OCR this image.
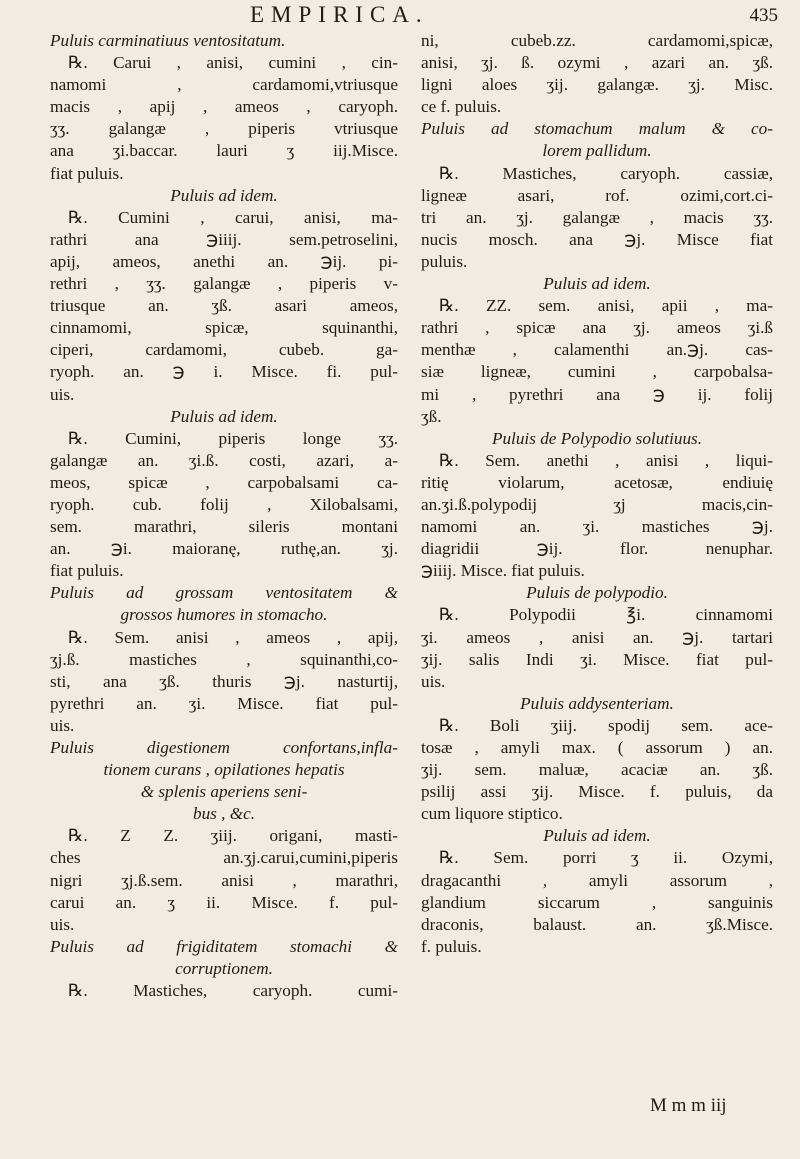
EMPIRICA.	435
Puluis carminatiuus ventositatum.
℞. Carui , anisi, cumini , cin-
namomi , cardamomi,vtriusque
macis , apij , ameos , caryoph.
ʒʒ. galangæ , piperis vtriusque
ana ʒi.baccar. lauri ʒ iij.Misce.
fiat puluis.
Puluis ad idem.
℞. Cumini , carui, anisi, ma-
rathri ana ℈iiij. sem.petroselini,
apij, ameos, anethi an. ℈ij. pi-
rethri , ʒʒ. galangæ , piperis v-
triusque an. ʒß. asari ameos,
cinnamomi, spicæ, squinanthi,
ciperi, cardamomi, cubeb. ga-
ryoph. an. ℈ i. Misce. fi. pul-
uis.
Puluis ad idem.
℞. Cumini, piperis longe ʒʒ.
galangæ an. ʒi.ß. costi, azari, a-
meos, spicæ , carpobalsami ca-
ryoph. cub. folij , Xilobalsami,
sem. marathri, sileris montani
an. ℈i. maioranę, ruthę,an. ʒj.
fiat puluis.
Puluis ad grossam ventositatem &
grossos humores in stomacho.
℞. Sem. anisi , ameos , apij,
ʒj.ß. mastiches , squinanthi,co-
sti, ana ʒß. thuris ℈j. nasturtij,
pyrethri an. ʒi. Misce. fiat pul-
uis.
Puluis digestionem confortans,infla-
tionem curans , opilationes hepatis
& splenis aperiens seni-
bus , &c.
℞. Z Z. ʒiij. origani, masti-
ches an.ʒj.carui,cumini,piperis
nigri ʒj.ß.sem. anisi , marathri,
carui an. ʒ ii. Misce. f. pul-
uis.
Puluis ad frigiditatem stomachi &
corruptionem.
℞. Mastiches, caryoph. cumi-
ni, cubeb.zz. cardamomi,spicæ,
anisi, ʒj. ß. ozymi , azari an. ʒß.
ligni aloes ʒij. galangæ. ʒj. Misc.
ce f. puluis.
Puluis ad stomachum malum & co-
lorem pallidum.
℞. Mastiches, caryoph. cassiæ,
ligneæ asari, rof. ozimi,cort.ci-
tri an. ʒj. galangæ , macis ʒʒ.
nucis mosch. ana ℈j. Misce fiat
puluis.
Puluis ad idem.
℞. ZZ. sem. anisi, apii , ma-
rathri , spicæ ana ʒj. ameos ʒi.ß
menthæ , calamenthi an.℈j. cas-
siæ ligneæ, cumini , carpobalsa-
mi , pyrethri ana ℈ ij. folij
ʒß.
Puluis de Polypodio solutiuus.
℞. Sem. anethi , anisi , liqui-
ritię violarum, acetosæ, endiuię
an.ʒi.ß.polypodij ʒj macis,cin-
namomi an. ʒi. mastiches ℈j.
diagridii ℈ij. flor. nenuphar.
℈iiij. Misce. fiat puluis.
Puluis de polypodio.
℞. Polypodii ℥i. cinnamomi
ʒi. ameos , anisi an. ℈j. tartari
ʒij. salis Indi ʒi. Misce. fiat pul-
uis.
Puluis addysenteriam.
℞. Boli ʒiij. spodij sem. ace-
tosæ , amyli max. ( assorum ) an.
ʒij. sem. maluæ, acaciæ an. ʒß.
psilij assi ʒij. Misce. f. puluis, da
cum liquore stiptico.
Puluis ad idem.
℞. Sem. porri ʒ ii. Ozymi,
dragacanthi , amyli assorum ,
glandium siccarum , sanguinis
draconis, balaust. an. ʒß.Misce.
f. puluis.
M m m iij
